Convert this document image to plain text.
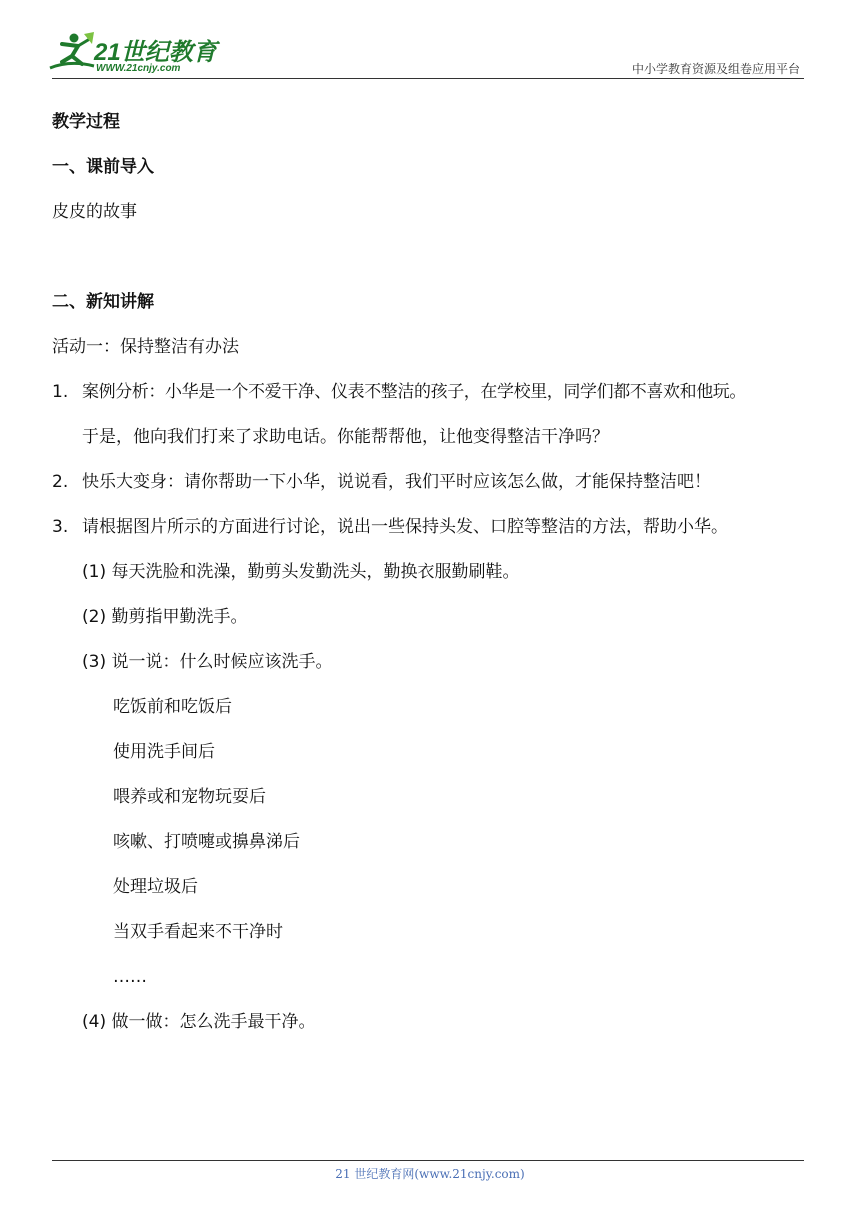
21世纪教育
WWW.21cnjy.com	中小学教育资源及组卷应用平台
教学过程
一、课前导入
皮皮的故事
二、新知讲解
活动一：保持整洁有办法
1. 案例分析：小华是一个不爱干净、仪表不整洁的孩子，在学校里，同学们都不喜欢和他玩。
于是，他向我们打来了求助电话。你能帮帮他，让他变得整洁干净吗？
2. 快乐大变身：请你帮助一下小华，说说看，我们平时应该怎么做，才能保持整洁吧！
3. 请根据图片所示的方面进行讨论，说出一些保持头发、口腔等整洁的方法，帮助小华。
(1) 每天洗脸和洗澡，勤剪头发勤洗头，勤换衣服勤刷鞋。
(2) 勤剪指甲勤洗手。
(3) 说一说：什么时候应该洗手。
吃饭前和吃饭后
使用洗手间后
喂养或和宠物玩耍后
咳嗽、打喷嚏或擤鼻涕后
处理垃圾后
当双手看起来不干净时
……
(4) 做一做：怎么洗手最干净。
21 世纪教育网(www.21cnjy.com)
